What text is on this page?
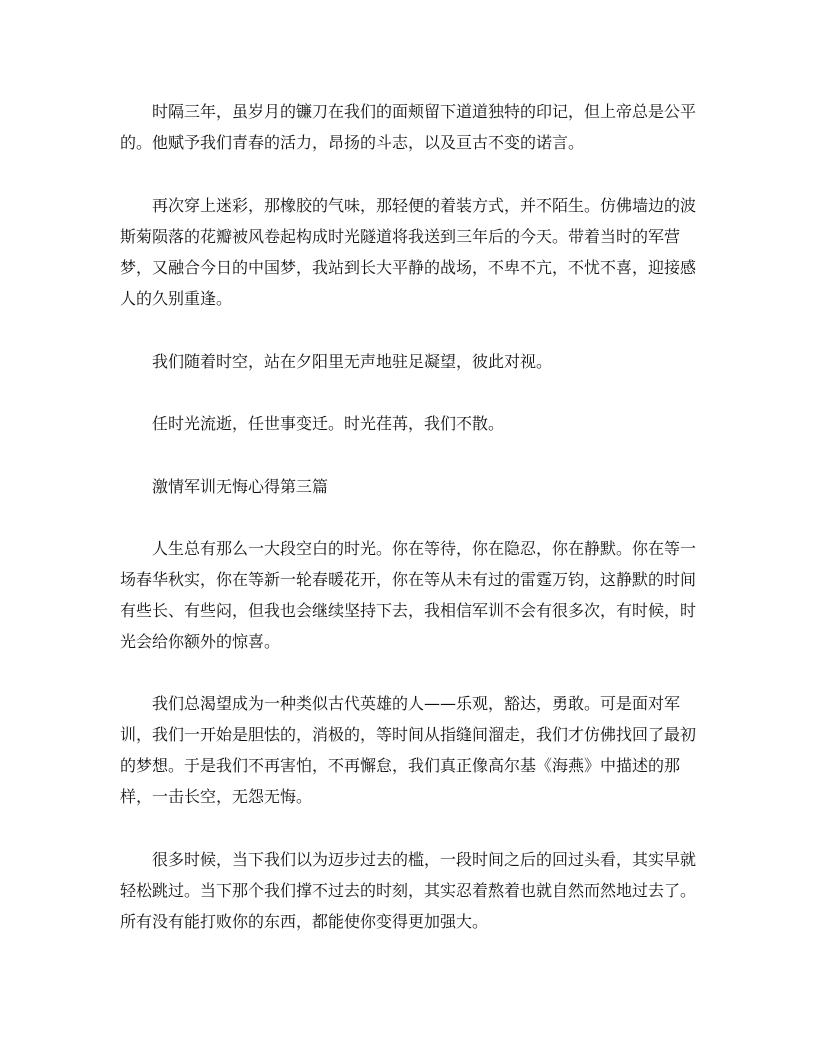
时隔三年，虽岁月的镰刀在我们的面颊留下道道独特的印记，但上帝总是公平的。他赋予我们青春的活力，昂扬的斗志，以及亘古不变的诺言。

再次穿上迷彩，那橡胶的气味，那轻便的着装方式，并不陌生。仿佛墙边的波斯菊陨落的花瓣被风卷起构成时光隧道将我送到三年后的今天。带着当时的军营梦，又融合今日的中国梦，我站到长大平静的战场，不卑不亢，不忧不喜，迎接感人的久别重逢。

我们随着时空，站在夕阳里无声地驻足凝望，彼此对视。

任时光流逝，任世事变迁。时光荏苒，我们不散。

激情军训无悔心得第三篇

人生总有那么一大段空白的时光。你在等待，你在隐忍，你在静默。你在等一场春华秋实，你在等新一轮春暖花开，你在等从未有过的雷霆万钧，这静默的时间有些长、有些闷，但我也会继续坚持下去，我相信军训不会有很多次，有时候，时光会给你额外的惊喜。

我们总渴望成为一种类似古代英雄的人——乐观，豁达，勇敢。可是面对军训，我们一开始是胆怯的，消极的，等时间从指缝间溜走，我们才仿佛找回了最初的梦想。于是我们不再害怕，不再懈怠，我们真正像高尔基《海燕》中描述的那样，一击长空，无怨无悔。

很多时候，当下我们以为迈步过去的槛，一段时间之后的回过头看，其实早就轻松跳过。当下那个我们撑不过去的时刻，其实忍着熬着也就自然而然地过去了。所有没有能打败你的东西，都能使你变得更加强大。
